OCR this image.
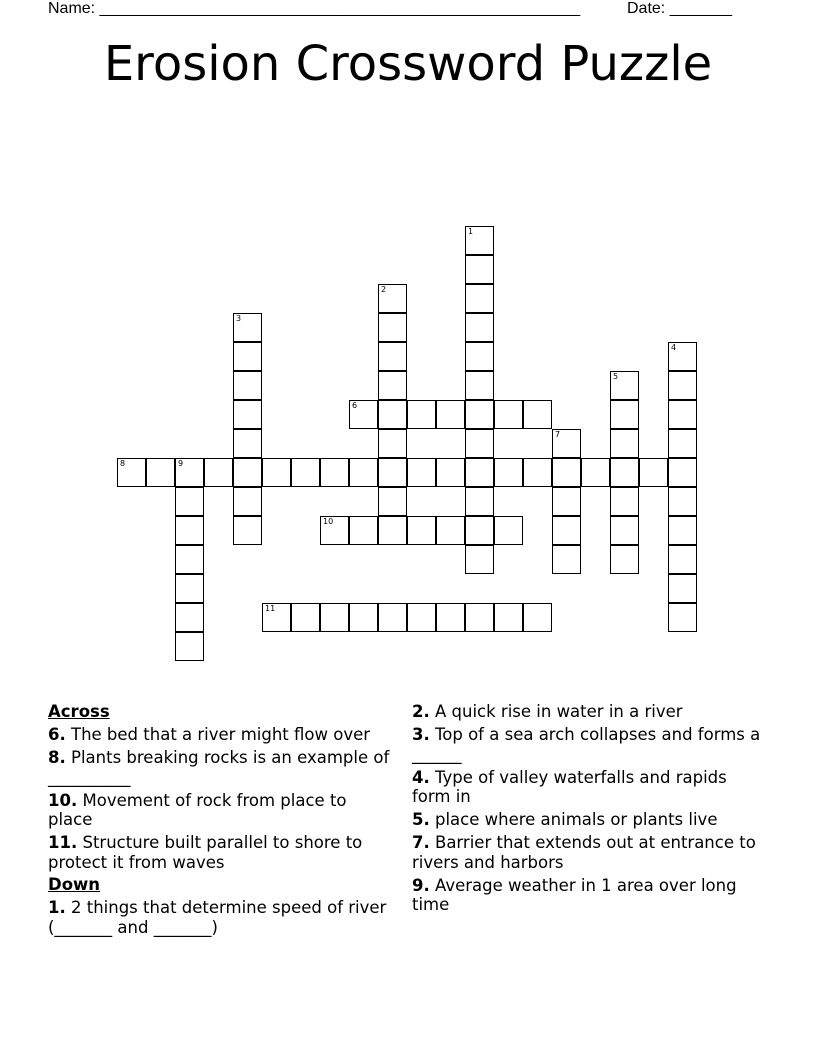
Name: ______________________________________________________	Date: _______
Erosion Crossword Puzzle
1
2
3
4
5
6
7
8	9
10
11
Across
6. The bed that a river might flow over
8. Plants breaking rocks is an example of __________
10. Movement of rock from place to place
11. Structure built parallel to shore to protect it from waves
Down
1. 2 things that determine speed of river (_______ and _______)
2. A quick rise in water in a river
3. Top of a sea arch collapses and forms a ______
4. Type of valley waterfalls and rapids form in
5. place where animals or plants live
7. Barrier that extends out at entrance to rivers and harbors
9. Average weather in 1 area over long time
